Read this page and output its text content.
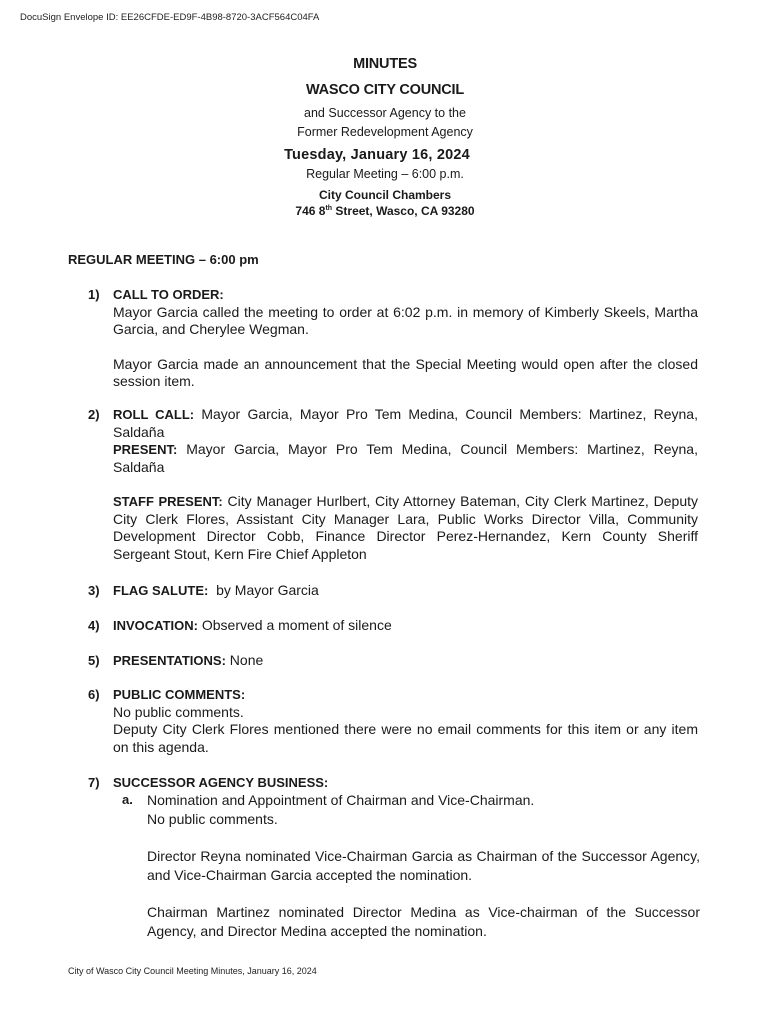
DocuSign Envelope ID: EE26CFDE-ED9F-4B98-8720-3ACF564C04FA
MINUTES
WASCO CITY COUNCIL
and Successor Agency to the
Former Redevelopment Agency
Tuesday, January 16, 2024
Regular Meeting – 6:00 p.m.
City Council Chambers
746 8th Street, Wasco, CA 93280
REGULAR MEETING – 6:00 pm
1) CALL TO ORDER:

Mayor Garcia called the meeting to order at 6:02 p.m. in memory of Kimberly Skeels, Martha Garcia, and Cherylee Wegman.

Mayor Garcia made an announcement that the Special Meeting would open after the closed session item.

2) ROLL CALL: Mayor Garcia, Mayor Pro Tem Medina, Council Members: Martinez, Reyna, Saldaña

PRESENT: Mayor Garcia, Mayor Pro Tem Medina, Council Members: Martinez, Reyna, Saldaña

STAFF PRESENT: City Manager Hurlbert, City Attorney Bateman, City Clerk Martinez, Deputy City Clerk Flores, Assistant City Manager Lara, Public Works Director Villa, Community Development Director Cobb, Finance Director Perez-Hernandez, Kern County Sheriff Sergeant Stout, Kern Fire Chief Appleton

3) FLAG SALUTE:  by Mayor Garcia
4) INVOCATION: Observed a moment of silence
5) PRESENTATIONS: None
6) PUBLIC COMMENTS:

No public comments.

Deputy City Clerk Flores mentioned there were no email comments for this item or any item on this agenda.

7) SUCCESSOR AGENCY BUSINESS:
a. Nomination and Appointment of Chairman and Vice-Chairman.

No public comments.

Director Reyna nominated Vice-Chairman Garcia as Chairman of the Successor Agency, and Vice-Chairman Garcia accepted the nomination.

Chairman Martinez nominated Director Medina as Vice-chairman of the Successor Agency, and Director Medina accepted the nomination.

City of Wasco City Council Meeting Minutes, January 16, 2024
